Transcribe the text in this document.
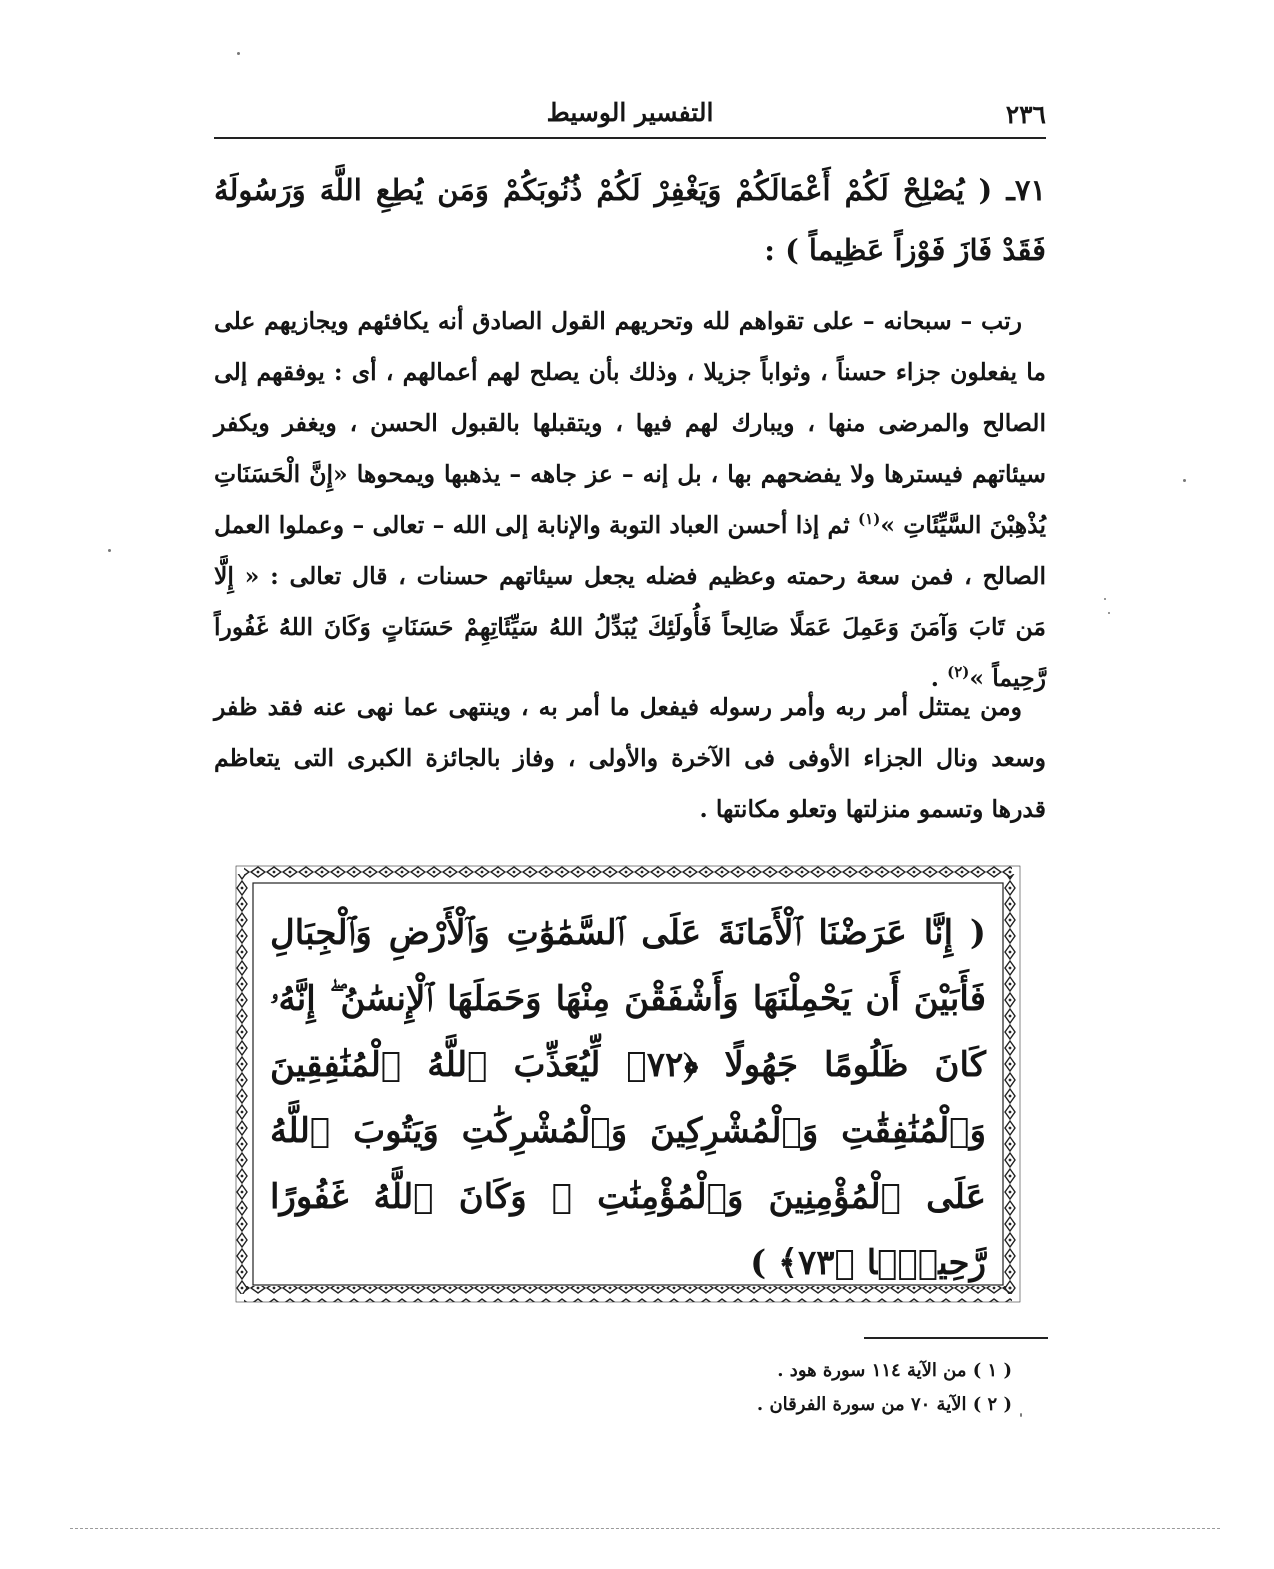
٢٣٦
التفسير الوسيط
٧١ـ ( يُصْلِحْ لَكُمْ أَعْمَالَكُمْ وَيَغْفِرْ لَكُمْ ذُنُوبَكُمْ وَمَن يُطِعِ اللَّهَ وَرَسُولَهُ فَقَدْ فَازَ فَوْزاً عَظِيماً ) :
رتب – سبحانه – على تقواهم لله وتحريهم القول الصادق أنه يكافئهم ويجازيهم على ما يفعلون جزاء حسناً ، وثواباً جزيلا ، وذلك بأن يصلح لهم أعمالهم ، أى : يوفقهم إلى الصالح والمرضى منها ، ويبارك لهم فيها ، ويتقبلها بالقبول الحسن ، ويغفر ويكفر سيئاتهم فيسترها ولا يفضحهم بها ، بل إنه – عز جاهه – يذهبها ويمحوها «إِنَّ الْحَسَنَاتِ يُذْهِبْنَ السَّيِّئَاتِ »$^{(١)}$ ثم إذا أحسن العباد التوبة والإنابة إلى الله – تعالى – وعملوا العمل الصالح ، فمن سعة رحمته وعظيم فضله يجعل سيئاتهم حسنات ، قال تعالى : « إِلَّا مَن تَابَ وَآمَنَ وَعَمِلَ عَمَلًا صَالِحاً فَأُولَئِكَ يُبَدِّلُ اللهُ سَيِّئَاتِهِمْ حَسَنَاتٍ وَكَانَ اللهُ غَفُوراً رَّحِيماً »$^{(٢)}$ .
ومن يمتثل أمر ربه وأمر رسوله فيفعل ما أمر به ، وينتهى عما نهى عنه فقد ظفر وسعد ونال الجزاء الأوفى فى الآخرة والأولى ، وفاز بالجائزة الكبرى التى يتعاظم قدرها وتسمو منزلتها وتعلو مكانتها .
( إِنَّا عَرَضْنَا ٱلْأَمَانَةَ عَلَى ٱلسَّمَٰوَٰتِ وَٱلْأَرْضِ وَٱلْجِبَالِ فَأَبَيْنَ أَن يَحْمِلْنَهَا وَأَشْفَقْنَ مِنْهَا وَحَمَلَهَا ٱلْإِنسَٰنُ ۖ إِنَّهُۥ كَانَ ظَلُومًا جَهُولًا ﴿٧٢﴾ لِّيُعَذِّبَ ٱللَّهُ ٱلْمُنَٰفِقِينَ وَٱلْمُنَٰفِقَٰتِ وَٱلْمُشْرِكِينَ وَٱلْمُشْرِكَٰتِ وَيَتُوبَ ٱللَّهُ عَلَى ٱلْمُؤْمِنِينَ وَٱلْمُؤْمِنَٰتِ ۗ وَكَانَ ٱللَّهُ غَفُورًا رَّحِيمًۢا ﴿٧٣﴾ )
( ١ ) من الآية ١١٤ سورة هود .
( ٢ ) الآية ٧٠ من سورة الفرقان .
